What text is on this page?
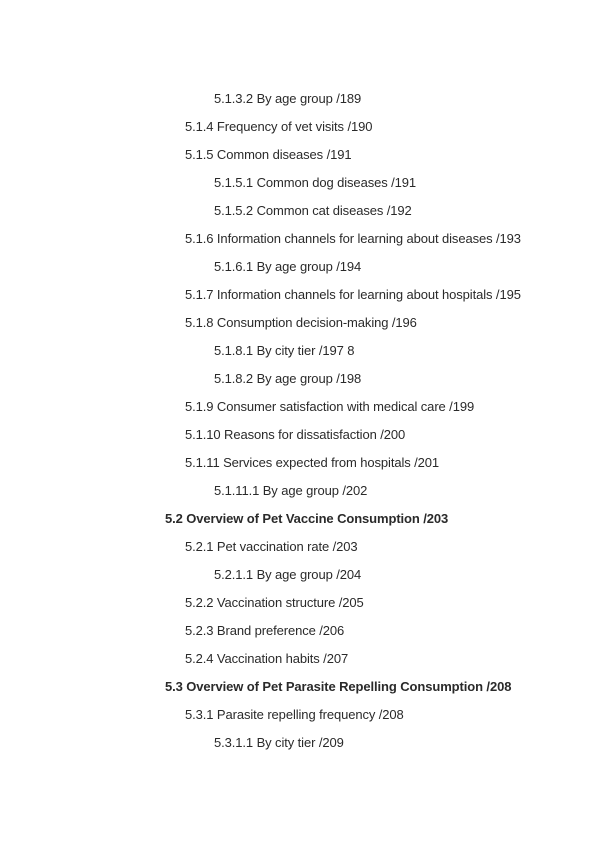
5.1.3.2 By age group /189
5.1.4 Frequency of vet visits /190
5.1.5 Common diseases /191
5.1.5.1 Common dog diseases /191
5.1.5.2 Common cat diseases /192
5.1.6 Information channels for learning about diseases /193
5.1.6.1 By age group /194
5.1.7 Information channels for learning about hospitals /195
5.1.8 Consumption decision-making /196
5.1.8.1 By city tier /197 8
5.1.8.2 By age group /198
5.1.9 Consumer satisfaction with medical care /199
5.1.10 Reasons for dissatisfaction /200
5.1.11 Services expected from hospitals /201
5.1.11.1 By age group /202
5.2 Overview of Pet Vaccine Consumption /203
5.2.1 Pet vaccination rate /203
5.2.1.1 By age group /204
5.2.2 Vaccination structure /205
5.2.3 Brand preference /206
5.2.4 Vaccination habits /207
5.3 Overview of Pet Parasite Repelling Consumption /208
5.3.1 Parasite repelling frequency /208
5.3.1.1 By city tier /209
